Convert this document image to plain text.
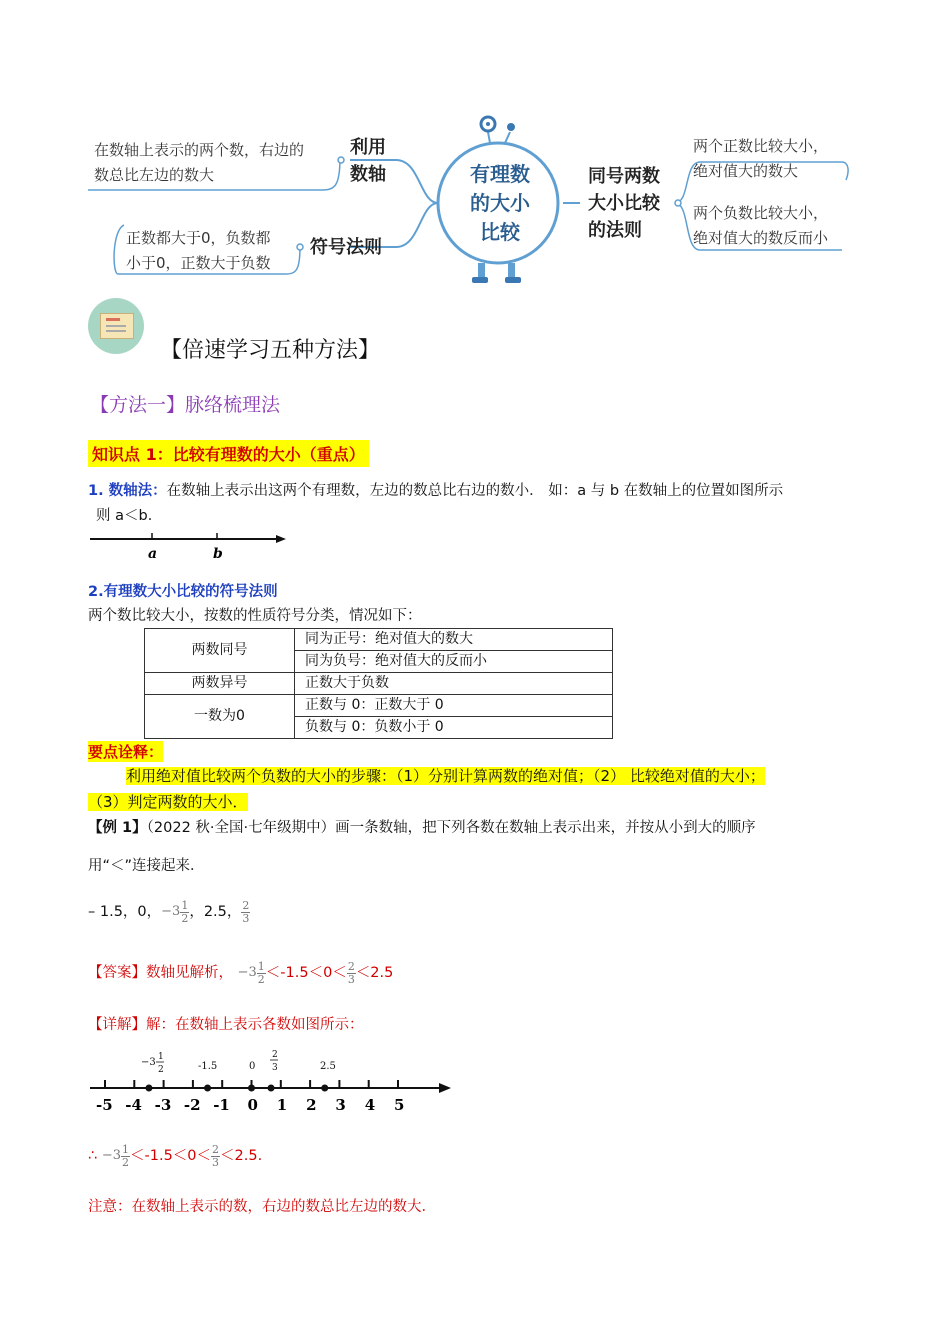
有理数
的大小
比较
利用
数轴
在数轴上表示的两个数，右边的
数总比左边的数大
符号法则
正数都大于0，负数都
小于0，正数大于负数
同号两数
大小比较
的法则
两个正数比较大小，
绝对值大的数大
两个负数比较大小，
绝对值大的数反而小
【倍速学习五种方法】
【方法一】脉络梳理法
知识点 1：比较有理数的大小（重点）
1. 数轴法：在数轴上表示出这两个有理数，左边的数总比右边的数小． 如：a 与 b 在数轴上的位置如图所示
则 a＜b．
a	b
2.有理数大小比较的符号法则
两个数比较大小，按数的性质符号分类，情况如下：
两数同号	同为正号：绝对值大的数大
	同为负号：绝对值大的反而小
两数异号	正数大于负数
一数为0	正数与 0：正数大于 0
	负数与 0：负数小于 0
要点诠释：
利用绝对值比较两个负数的大小的步骤：（1）分别计算两数的绝对值；（2） 比较绝对值的大小；
（3）判定两数的大小．
【例 1】（2022 秋·全国·七年级期中）画一条数轴，把下列各数在数轴上表示出来，并按从小到大的顺序
用“＜”连接起来．
– 1.5，0，$-3 \frac{1}{2}$ ，2.5， $\frac{2}{3}$
【答案】数轴见解析， $-3 \frac{1}{2} <-1.5<0< \frac{2}{3} <2.5$
【详解】解：在数轴上表示各数如图所示：
-5 -4 -3 -2 -1 0 1 2 3 4 5
−3 1
2	-1.5	0
2
3	2.5
∴ $-3 \frac{1}{2} <-1.5<0< \frac{2}{3} <2.5$.
注意：在数轴上表示的数，右边的数总比左边的数大．
